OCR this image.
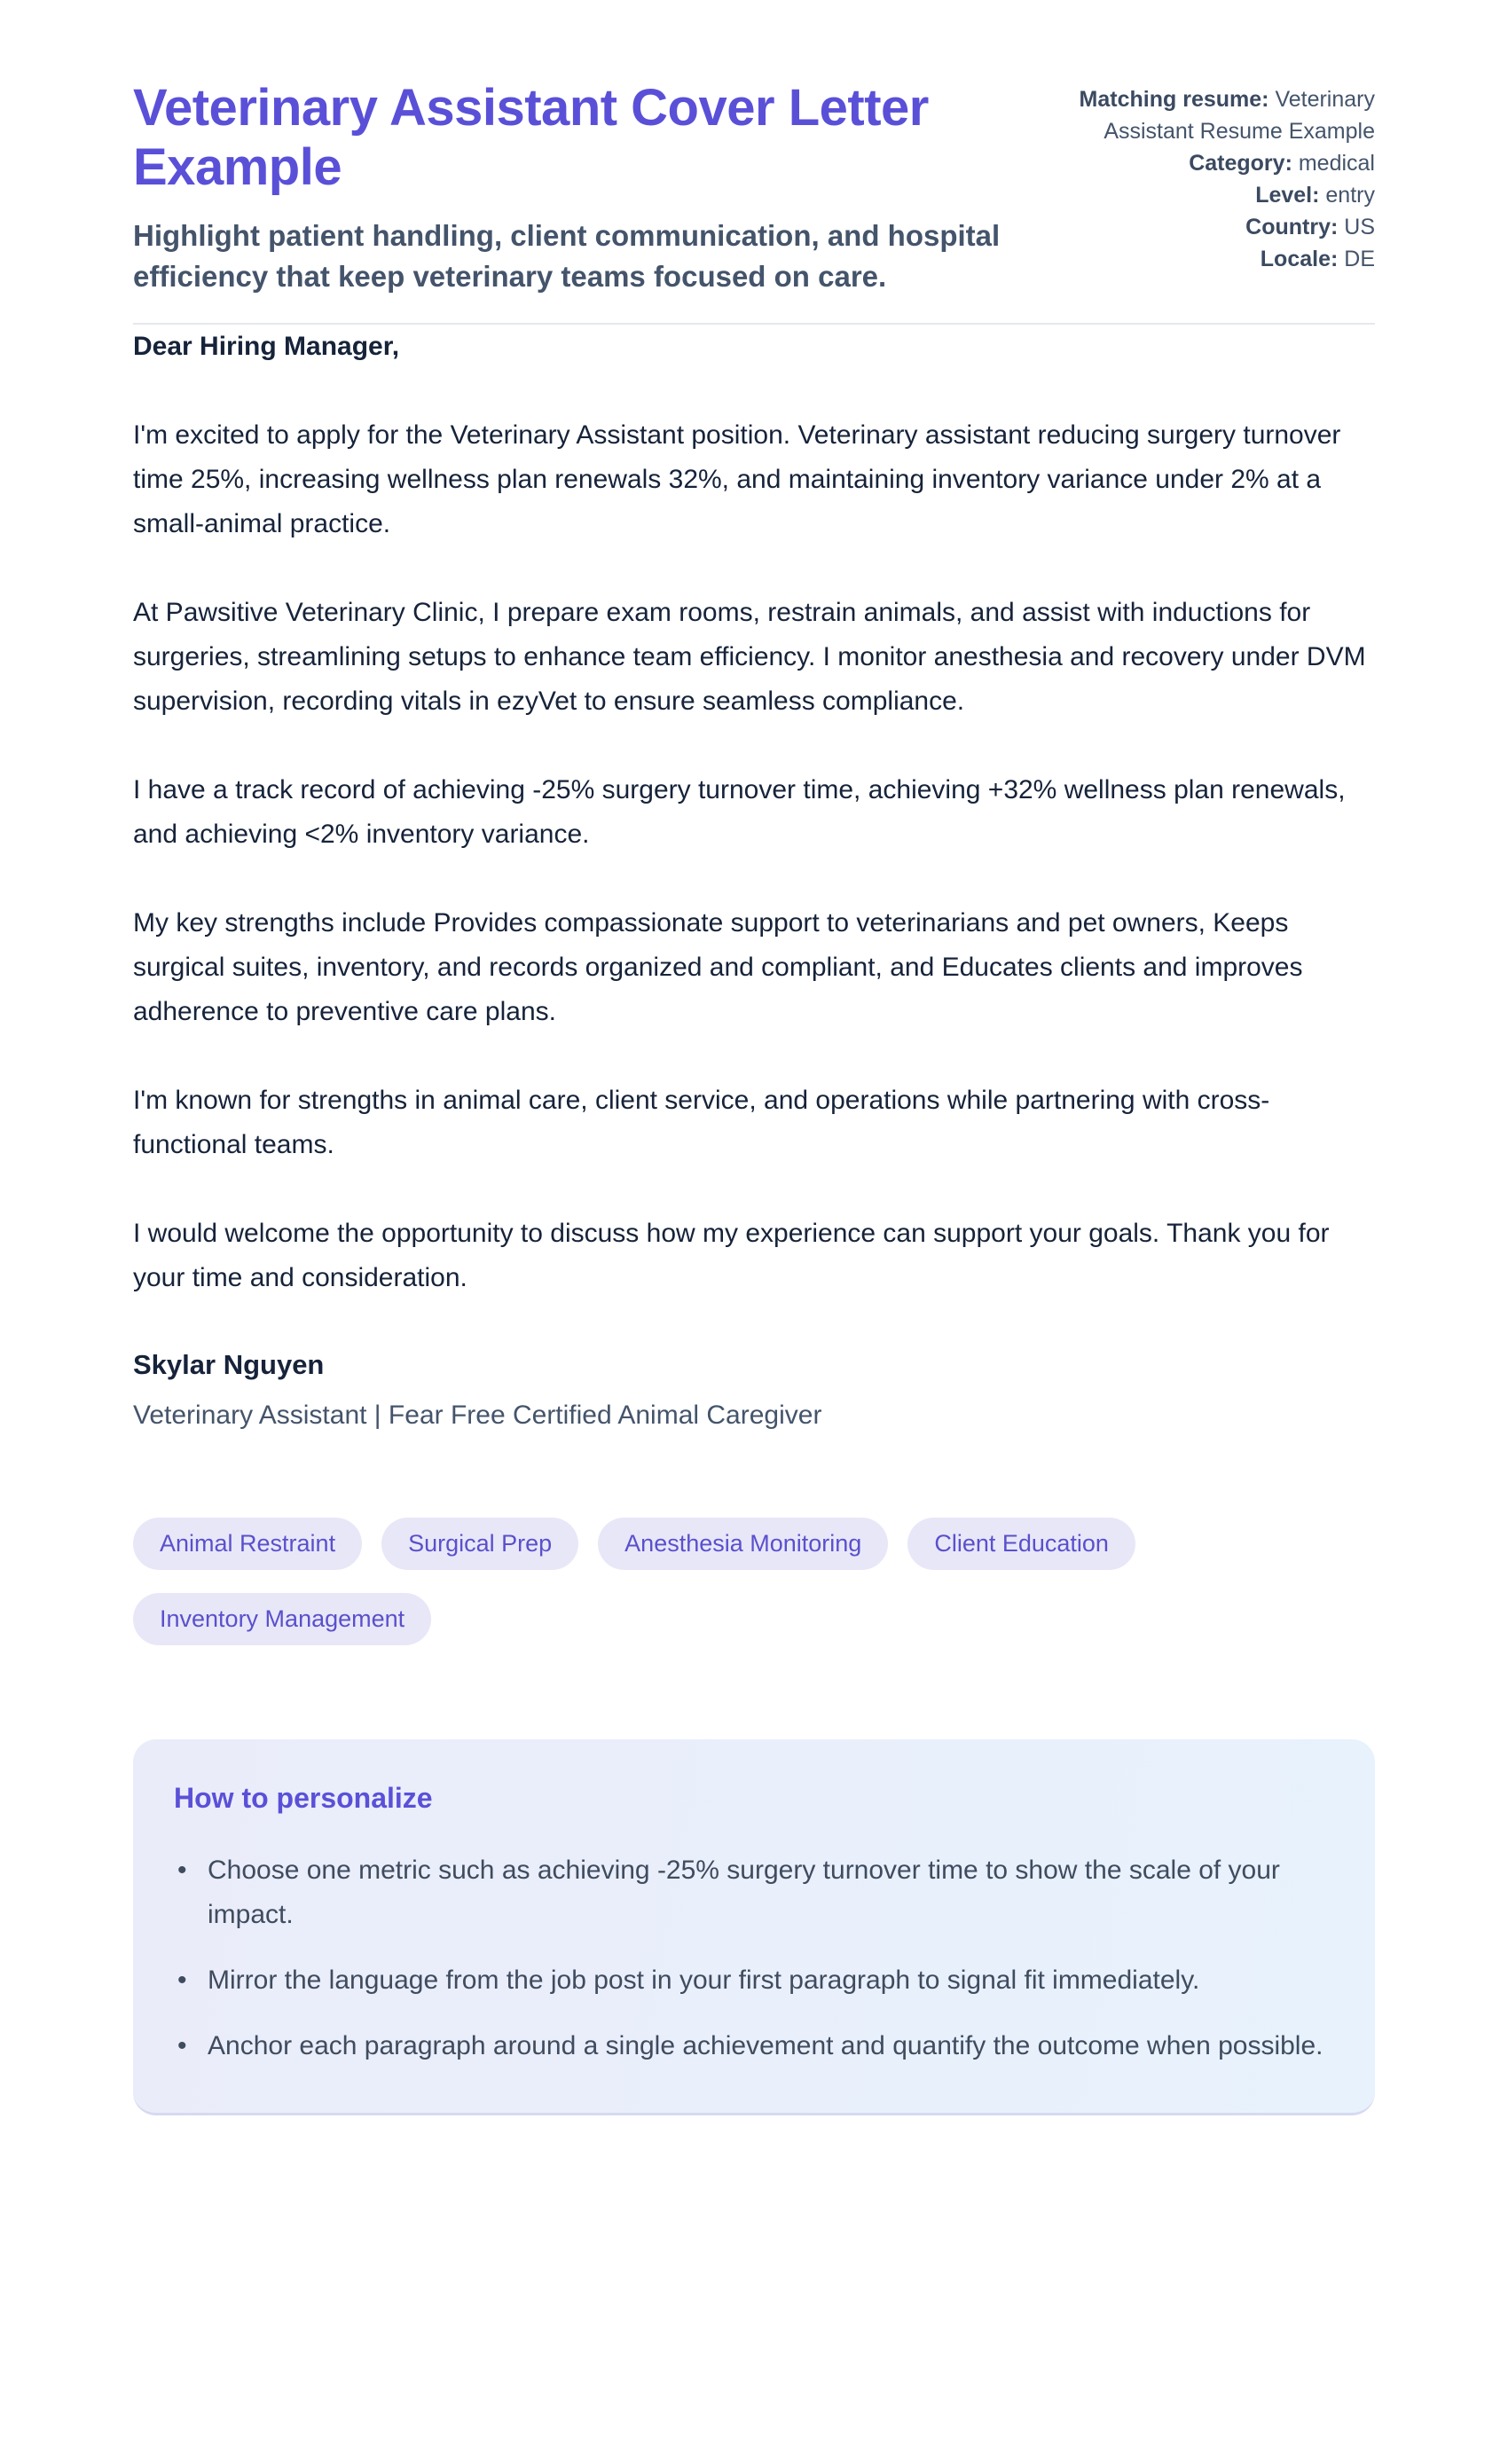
Veterinary Assistant Cover Letter Example

Highlight patient handling, client communication, and hospital efficiency that keep veterinary teams focused on care.

Matching resume: Veterinary Assistant Resume Example
Category: medical
Level: entry
Country: US
Locale: DE

Dear Hiring Manager,

I'm excited to apply for the Veterinary Assistant position. Veterinary assistant reducing surgery turnover time 25%, increasing wellness plan renewals 32%, and maintaining inventory variance under 2% at a small-animal practice.

At Pawsitive Veterinary Clinic, I prepare exam rooms, restrain animals, and assist with inductions for surgeries, streamlining setups to enhance team efficiency. I monitor anesthesia and recovery under DVM supervision, recording vitals in ezyVet to ensure seamless compliance.

I have a track record of achieving -25% surgery turnover time, achieving +32% wellness plan renewals, and achieving <2% inventory variance.

My key strengths include Provides compassionate support to veterinarians and pet owners, Keeps surgical suites, inventory, and records organized and compliant, and Educates clients and improves adherence to preventive care plans.

I'm known for strengths in animal care, client service, and operations while partnering with cross-functional teams.

I would welcome the opportunity to discuss how my experience can support your goals. Thank you for your time and consideration.

Skylar Nguyen
Veterinary Assistant | Fear Free Certified Animal Caregiver
Animal Restraint	Surgical Prep	Anesthesia Monitoring	Client Education
Inventory Management
How to personalize
• Choose one metric such as achieving -25% surgery turnover time to show the scale of your impact.
• Mirror the language from the job post in your first paragraph to signal fit immediately.
• Anchor each paragraph around a single achievement and quantify the outcome when possible.
